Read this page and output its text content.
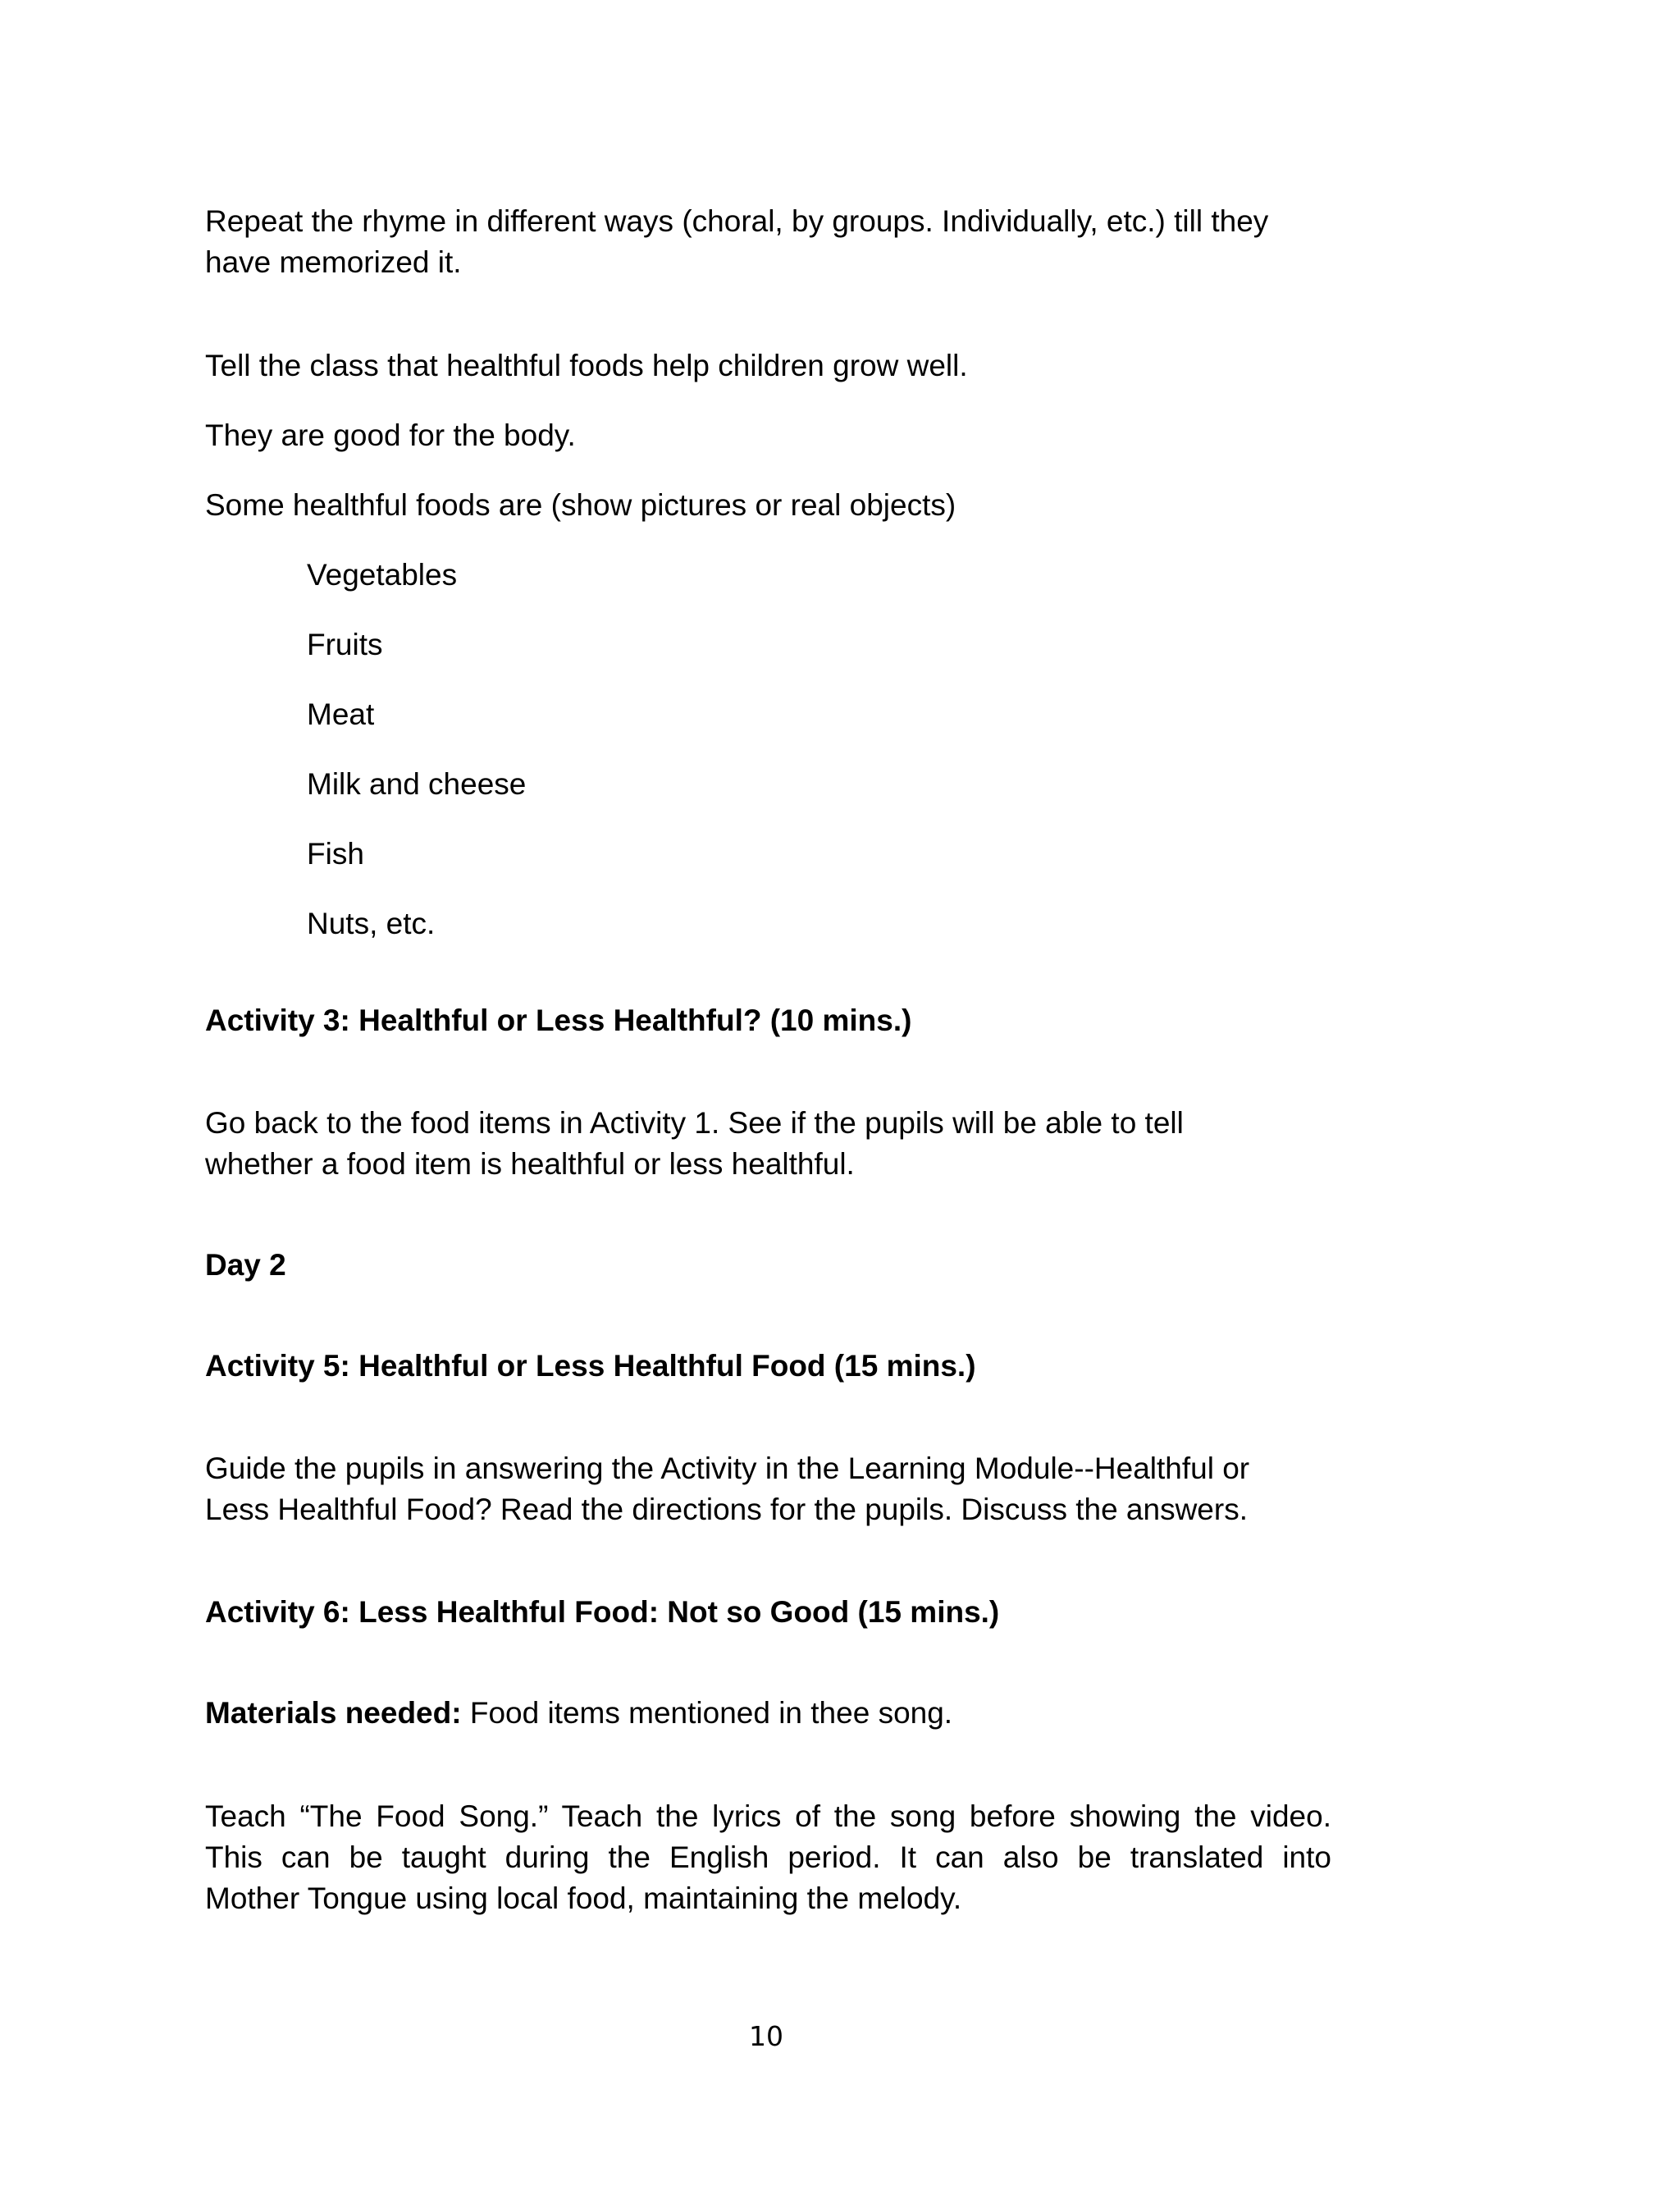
Repeat the rhyme in different ways (choral, by groups. Individually, etc.) till they

have memorized it.

Tell the class that healthful foods help children grow well.

They are good for the body.

Some healthful foods are (show pictures or real objects)

Vegetables

Fruits

Meat

Milk and cheese

Fish

Nuts, etc.

Activity 3: Healthful or Less Healthful? (10 mins.)

Go back to the food items in Activity 1. See if the pupils will be able to tell

whether a food item is healthful or less healthful.

Day 2

Activity 5: Healthful or Less Healthful Food (15 mins.)

Guide the pupils in answering the Activity in the Learning Module--Healthful or

Less Healthful Food? Read the directions for the pupils. Discuss the answers.

Activity 6: Less Healthful Food: Not so Good (15 mins.)

Materials needed: Food items mentioned in thee song.

Teach “The Food Song.” Teach the lyrics of the song before showing the video.

This can be taught during the English period. It can also be translated into

Mother Tongue using local food, maintaining the melody.

10
